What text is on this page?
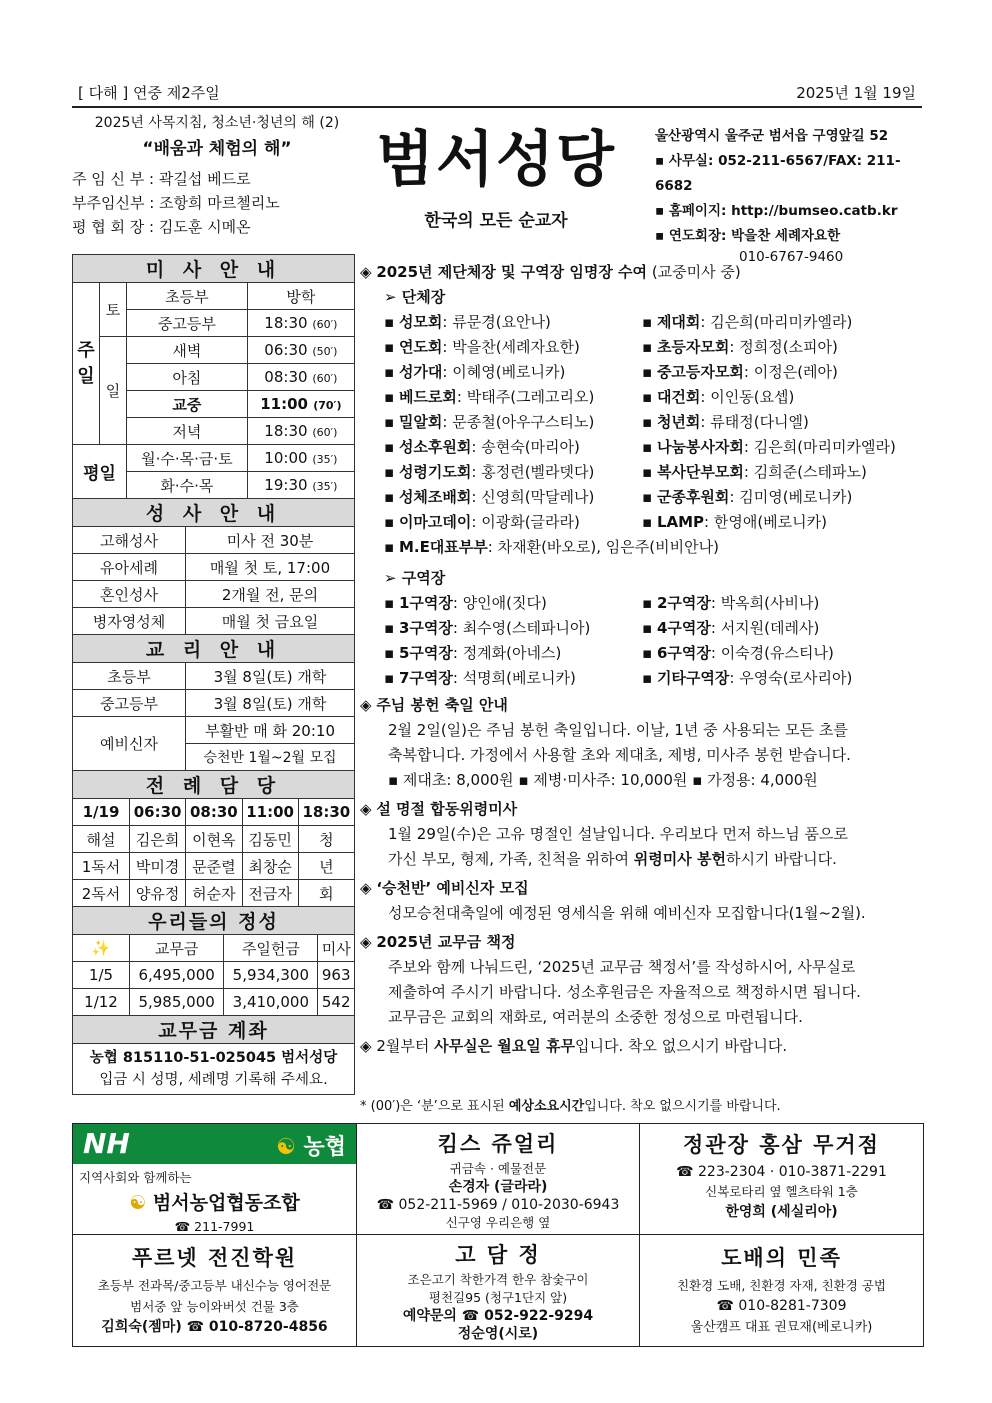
[ 다해 ] 연중 제2주일	2025년 1월 19일
2025년 사목지침, 청소년·청년의 해 (2)
“배움과 체험의 해”
주 임 신 부 : 곽길섭 베드로
부주임신부 : 조항희 마르첼리노
평 협 회 장 : 김도훈 시메온
범서성당
한국의 모든 순교자
울산광역시 울주군 범서읍 구영앞길 52
▪ 사무실: 052-211-6567/FAX: 211-6682
▪ 홈페이지: http://bumseo.catb.kr
▪ 연도회장: 박을찬 세례자요한
010-6767-9460
미 사 안 내			
주일	토	초등부	방학
		중고등부	18:30 (60′)
	일	새벽	06:30 (50′)
		아침	08:30 (60′)
		교중	11:00 (70′)
		저녁	18:30 (60′)
평일		월·수·목·금·토	10:00 (35′)
		화·수·목	19:30 (35′)
성 사 안 내	
고해성사	미사 전 30분
유아세례	매월 첫 토, 17:00
혼인성사	2개월 전, 문의
병자영성체	매월 첫 금요일
교 리 안 내	
초등부	3월 8일(토) 개학
중고등부	3월 8일(토) 개학
예비신자	부활반 매 화 20:10
	승천반 1월~2월 모집
전 례 담 당				
1/19	06:30	08:30	11:00	18:30
해설	김은희	이현옥	김동민	청
1독서	박미경	문준렬	최창순	년
2독서	양유정	허순자	전금자	회
우리들의 정성			
✨	교무금	주일헌금	미사
1/5	6,495,000	5,934,300	963
1/12	5,985,000	3,410,000	542
교무금 계좌

농협 815110-51-025045 범서성당
입금 시 성명, 세례명 기록해 주세요.
◈ 2025년 제단체장 및 구역장 임명장 수여 (교중미사 중)
➢ 단체장
▪ 성모회: 류문경(요안나)	▪ 제대회: 김은희(마리미카엘라)
▪ 연도회: 박을찬(세례자요한)	▪ 초등자모회: 정희정(소피아)
▪ 성가대: 이혜영(베로니카)	▪ 중고등자모회: 이정은(레아)
▪ 베드로회: 박태주(그레고리오)	▪ 대건회: 이인동(요셉)
▪ 밀알회: 문종철(아우구스티노)	▪ 청년회: 류태정(다니엘)
▪ 성소후원회: 송현숙(마리아)	▪ 나눔봉사자회: 김은희(마리미카엘라)
▪ 성령기도회: 홍정련(벨라뎃다)	▪ 복사단부모회: 김희준(스테파노)
▪ 성체조배회: 신영희(막달레나)	▪ 군종후원회: 김미영(베로니카)
▪ 이마고데이: 이광화(글라라)	▪ LAMP: 한영애(베로니카)
▪ M.E대표부부: 차재환(바오로), 임은주(비비안나)
➢ 구역장
▪ 1구역장: 양인애(짓다)	▪ 2구역장: 박옥희(사비나)
▪ 3구역장: 최수영(스테파니아)	▪ 4구역장: 서지원(데레사)
▪ 5구역장: 정계화(아네스)	▪ 6구역장: 이숙경(유스티나)
▪ 7구역장: 석명희(베로니카)	▪ 기타구역장: 우영숙(로사리아)
◈ 주님 봉헌 축일 안내
2월 2일(일)은 주님 봉헌 축일입니다. 이날, 1년 중 사용되는 모든 초를
축복합니다. 가정에서 사용할 초와 제대초, 제병, 미사주 봉헌 받습니다.
▪ 제대초: 8,000원 ▪ 제병·미사주: 10,000원 ▪ 가정용: 4,000원
◈ 설 명절 합동위령미사
1월 29일(수)은 고유 명절인 설날입니다. 우리보다 먼저 하느님 품으로
가신 부모, 형제, 가족, 친척을 위하여 위령미사 봉헌하시기 바랍니다.
◈ ‘승천반’ 예비신자 모집
성모승천대축일에 예정된 영세식을 위해 예비신자 모집합니다(1월~2월).
◈ 2025년 교무금 책정
주보와 함께 나눠드린, ‘2025년 교무금 책정서’를 작성하시어, 사무실로
제출하여 주시기 바랍니다. 성소후원금은 자율적으로 책정하시면 됩니다.
교무금은 교회의 재화로, 여러분의 소중한 정성으로 마련됩니다.
◈ 2월부터 사무실은 월요일 휴무입니다. 착오 없으시기 바랍니다.
* (00′)은 ‘분’으로 표시된 예상소요시간입니다. 착오 없으시기를 바랍니다.
NH	☯ 농협
지역사회와 함께하는
☯ 범서농업협동조합
☎ 211-7991
킴스 쥬얼리
귀금속 · 예물전문
손경자 (글라라)
☎ 052-211-5969 / 010-2030-6943
신구영 우리은행 옆
정관장 홍삼 무거점
☎ 223-2304 · 010-3871-2291
신복로타리 옆 헬츠타워 1층
한영희 (세실리아)
푸르넷 전진학원
초등부 전과목/중고등부 내신수능 영어전문
범서중 앞 능이와버섯 건물 3층
김희숙(젬마) ☎ 010-8720-4856
고 담 정
조은고기 착한가격 한우 참숯구이
평천길95 (청구1단지 앞)
예약문의 ☎ 052-922-9294
정순영(시로)
도배의 민족
친환경 도배, 친환경 자재, 친환경 공법
☎ 010-8281-7309
울산캠프 대표 권묘재(베로니카)
